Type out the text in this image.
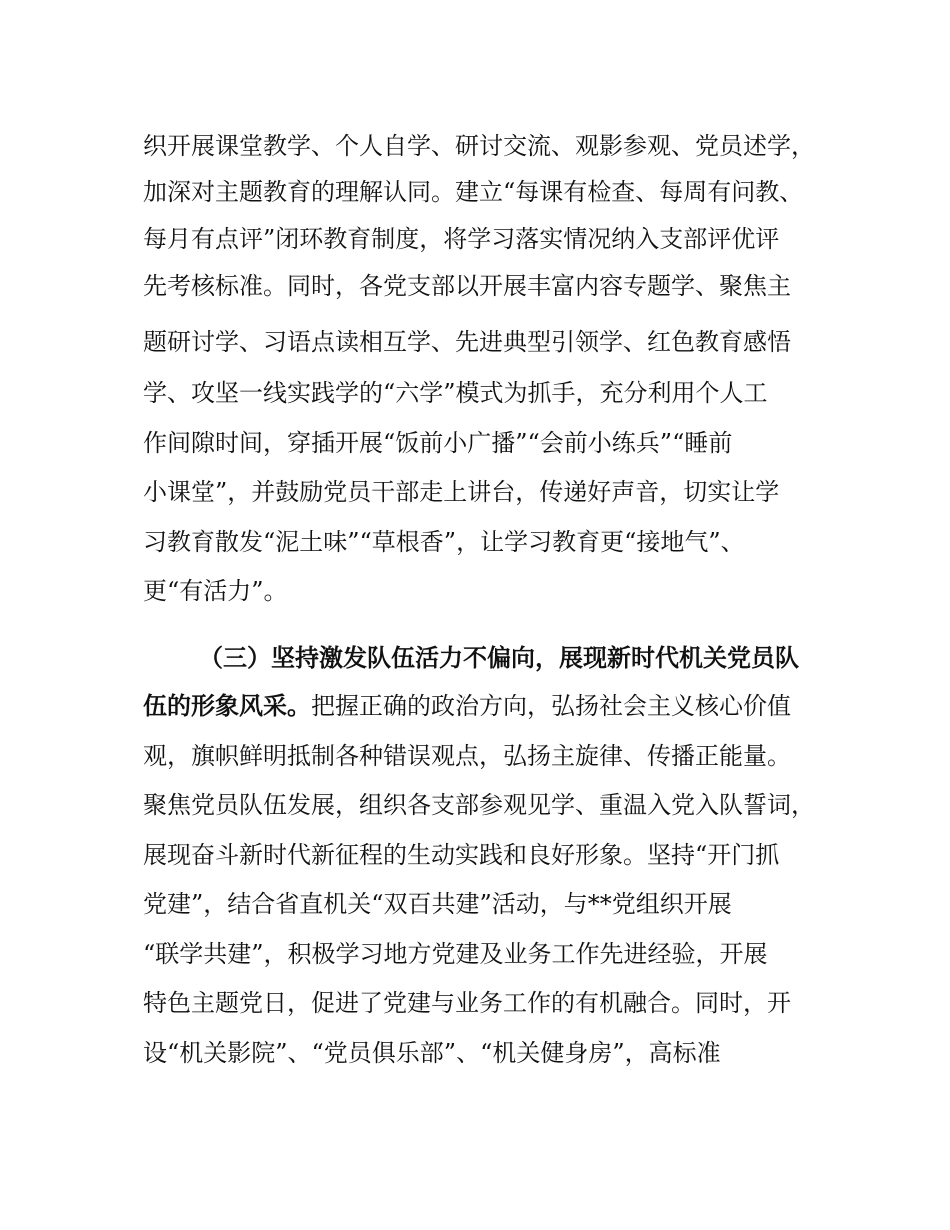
织开展课堂教学、个人自学、研讨交流、观影参观、党员述学，
加深对主题教育的理解认同。建立“每课有检查、每周有问教、
每月有点评”闭环教育制度，将学习落实情况纳入支部评优评
先考核标准。同时，各党支部以开展丰富内容专题学、聚焦主
题研讨学、习语点读相互学、先进典型引领学、红色教育感悟
学、攻坚一线实践学的“六学”模式为抓手，充分利用个人工
作间隙时间，穿插开展“饭前小广播”“会前小练兵”“睡前
小课堂”，并鼓励党员干部走上讲台，传递好声音，切实让学
习教育散发“泥土味”“草根香”，让学习教育更“接地气”、
更“有活力”。
（三）坚持激发队伍活力不偏向，展现新时代机关党员队
伍的形象风采。把握正确的政治方向，弘扬社会主义核心价值
观，旗帜鲜明抵制各种错误观点，弘扬主旋律、传播正能量。
聚焦党员队伍发展，组织各支部参观见学、重温入党入队誓词，
展现奋斗新时代新征程的生动实践和良好形象。坚持“开门抓
党建”，结合省直机关“双百共建”活动，与**党组织开展
“联学共建”，积极学习地方党建及业务工作先进经验，开展
特色主题党日，促进了党建与业务工作的有机融合。同时，开
设“机关影院”、“党员俱乐部”、“机关健身房”，高标准
